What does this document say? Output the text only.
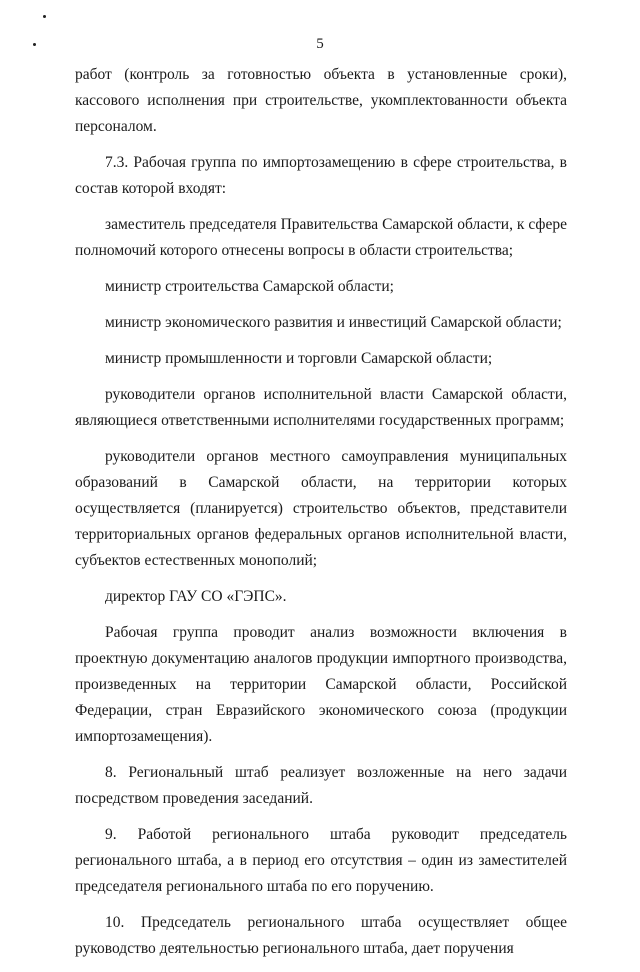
5

работ (контроль за готовностью объекта в установленные сроки), кассового исполнения при строительстве, укомплектованности объекта персоналом.

7.3. Рабочая группа по импортозамещению в сфере строительства, в состав которой входят:

заместитель председателя Правительства Самарской области, к сфере полномочий которого отнесены вопросы в области строительства;

министр строительства Самарской области;

министр экономического развития и инвестиций Самарской области;

министр промышленности и торговли Самарской области;

руководители органов исполнительной власти Самарской области, являющиеся ответственными исполнителями государственных программ;

руководители органов местного самоуправления муниципальных образований в Самарской области, на территории которых осуществляется (планируется) строительство объектов, представители территориальных органов федеральных органов исполнительной власти, субъектов естественных монополий;

директор ГАУ СО «ГЭПС».

Рабочая группа проводит анализ возможности включения в проектную документацию аналогов продукции импортного производства, произведенных на территории Самарской области, Российской Федерации, стран Евразийского экономического союза (продукции импортозамещения).

8. Региональный штаб реализует возложенные на него задачи посредством проведения заседаний.

9. Работой регионального штаба руководит председатель регионального штаба, а в период его отсутствия – один из заместителей председателя регионального штаба по его поручению.

10. Председатель регионального штаба осуществляет общее руководство деятельностью регионального штаба, дает поручения
